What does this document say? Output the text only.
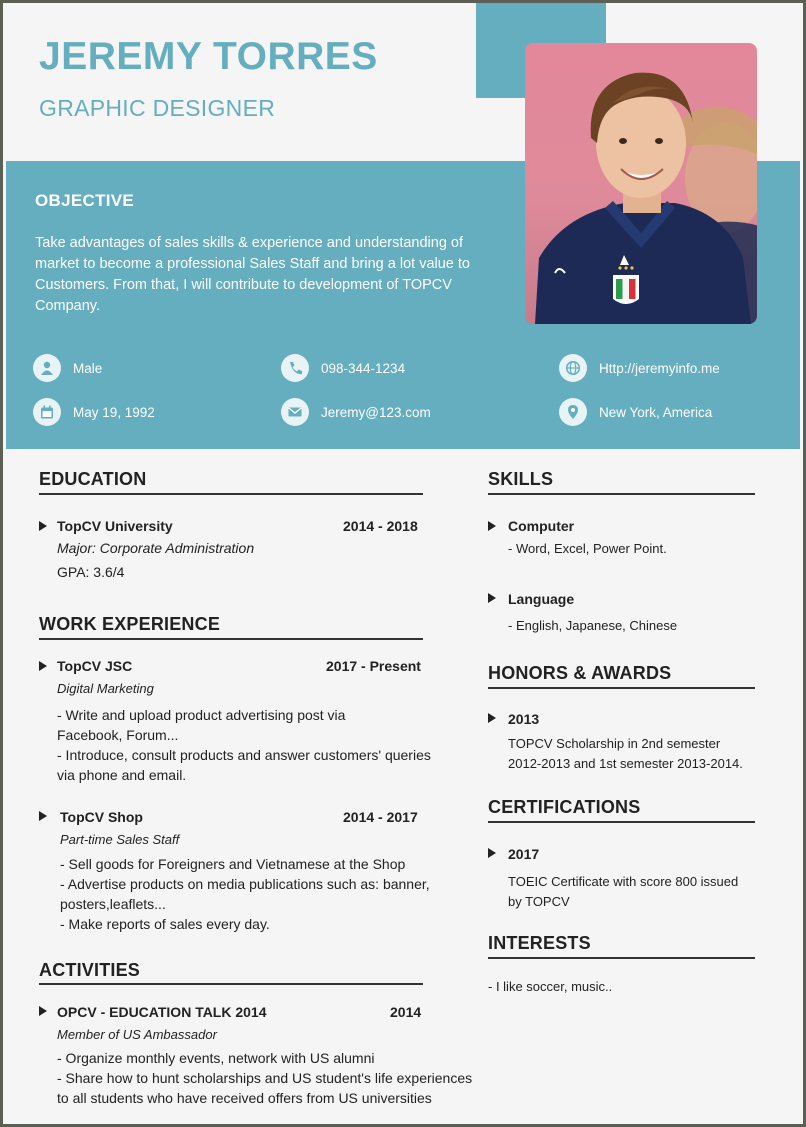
JEREMY TORRES
GRAPHIC DESIGNER
OBJECTIVE
Take advantages of sales skills & experience and understanding of market to become a professional Sales Staff and bring a lot value to Customers. From that, I will contribute to development of TOPCV Company.
Male	098-344-1234	Http://jeremyinfo.me
May 19, 1992	Jeremy@123.com	New York, America
EDUCATION
TopCV University	2014 - 2018
Major: Corporate Administration
GPA: 3.6/4
WORK EXPERIENCE
TopCV JSC	2017 - Present
Digital Marketing
- Write and upload product advertising post via
Facebook, Forum...
- Introduce, consult products and answer customers' queries
via phone and email.
TopCV Shop	2014 - 2017
Part-time Sales Staff
- Sell goods for Foreigners and Vietnamese at the Shop
- Advertise products on media publications such as: banner,
posters,leaflets...
- Make reports of sales every day.
ACTIVITIES
OPCV - EDUCATION TALK 2014	2014
Member of US Ambassador
- Organize monthly events, network with US alumni
- Share how to hunt scholarships and US student's life experiences
to all students who have received offers from US universities
SKILLS
Computer
- Word, Excel, Power Point.
Language
- English, Japanese, Chinese
HONORS & AWARDS
2013
TOPCV Scholarship in 2nd semester
2012-2013 and 1st semester 2013-2014.
CERTIFICATIONS
2017
TOEIC Certificate with score 800 issued
by TOPCV
INTERESTS
- I like soccer, music..
